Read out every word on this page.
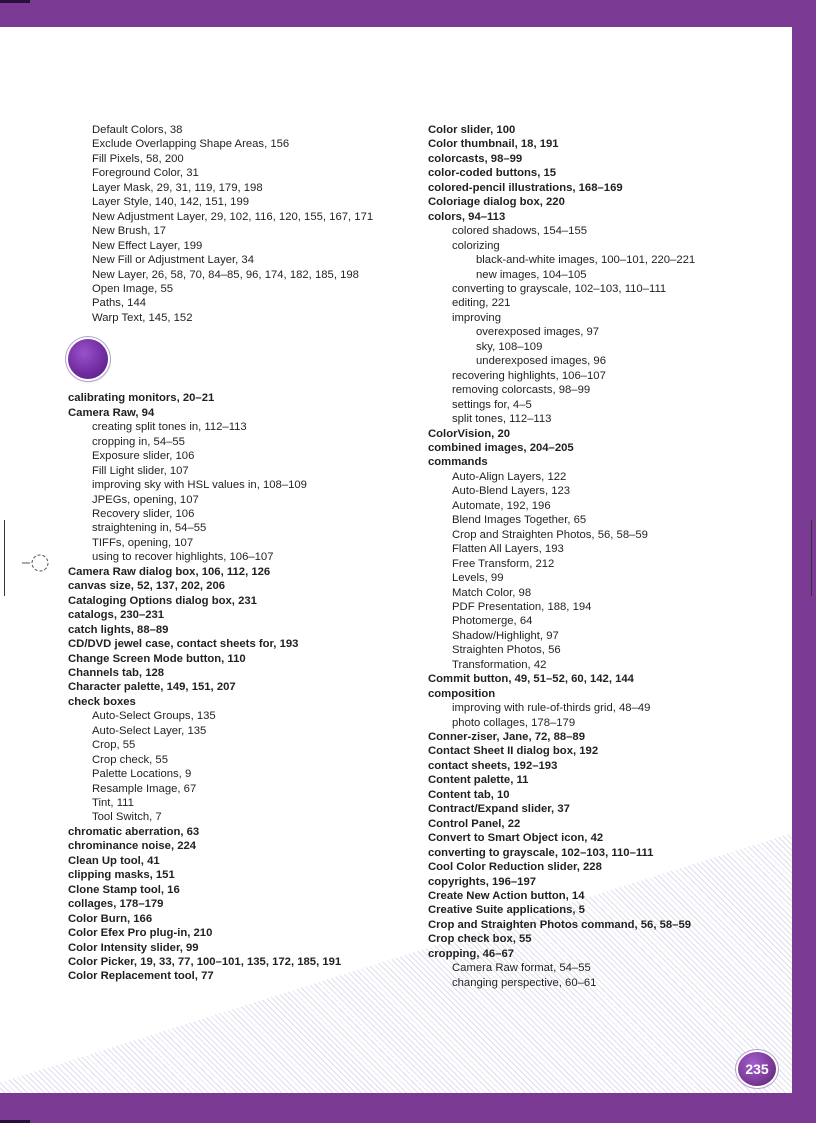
Default Colors, 38
Exclude Overlapping Shape Areas, 156
Fill Pixels, 58, 200
Foreground Color, 31
Layer Mask, 29, 31, 119, 179, 198
Layer Style, 140, 142, 151, 199
New Adjustment Layer, 29, 102, 116, 120, 155, 167, 171
New Brush, 17
New Effect Layer, 199
New Fill or Adjustment Layer, 34
New Layer, 26, 58, 70, 84–85, 96, 174, 182, 185, 198
Open Image, 55
Paths, 144
Warp Text, 145, 152
calibrating monitors, 20–21
Camera Raw, 94
creating split tones in, 112–113
cropping in, 54–55
Exposure slider, 106
Fill Light slider, 107
improving sky with HSL values in, 108–109
JPEGs, opening, 107
Recovery slider, 106
straightening in, 54–55
TIFFs, opening, 107
using to recover highlights, 106–107
Camera Raw dialog box, 106, 112, 126
canvas size, 52, 137, 202, 206
Cataloging Options dialog box, 231
catalogs, 230–231
catch lights, 88–89
CD/DVD jewel case, contact sheets for, 193
Change Screen Mode button, 110
Channels tab, 128
Character palette, 149, 151, 207
check boxes
Auto-Select Groups, 135
Auto-Select Layer, 135
Crop, 55
Crop check, 55
Palette Locations, 9
Resample Image, 67
Tint, 111
Tool Switch, 7
chromatic aberration, 63
chrominance noise, 224
Clean Up tool, 41
clipping masks, 151
Clone Stamp tool, 16
collages, 178–179
Color Burn, 166
Color Efex Pro plug-in, 210
Color Intensity slider, 99
Color Picker, 19, 33, 77, 100–101, 135, 172, 185, 191
Color Replacement tool, 77
Color slider, 100
Color thumbnail, 18, 191
colorcasts, 98–99
color-coded buttons, 15
colored-pencil illustrations, 168–169
Coloriage dialog box, 220
colors, 94–113
colored shadows, 154–155
colorizing
black-and-white images, 100–101, 220–221
new images, 104–105
converting to grayscale, 102–103, 110–111
editing, 221
improving
overexposed images, 97
sky, 108–109
underexposed images, 96
recovering highlights, 106–107
removing colorcasts, 98–99
settings for, 4–5
split tones, 112–113
ColorVision, 20
combined images, 204–205
commands
Auto-Align Layers, 122
Auto-Blend Layers, 123
Automate, 192, 196
Blend Images Together, 65
Crop and Straighten Photos, 56, 58–59
Flatten All Layers, 193
Free Transform, 212
Levels, 99
Match Color, 98
PDF Presentation, 188, 194
Photomerge, 64
Shadow/Highlight, 97
Straighten Photos, 56
Transformation, 42
Commit button, 49, 51–52, 60, 142, 144
composition
improving with rule-of-thirds grid, 48–49
photo collages, 178–179
Conner-ziser, Jane, 72, 88–89
Contact Sheet II dialog box, 192
contact sheets, 192–193
Content palette, 11
Content tab, 10
Contract/Expand slider, 37
Control Panel, 22
Convert to Smart Object icon, 42
converting to grayscale, 102–103, 110–111
Cool Color Reduction slider, 228
copyrights, 196–197
Create New Action button, 14
Creative Suite applications, 5
Crop and Straighten Photos command, 56, 58–59
Crop check box, 55
cropping, 46–67
Camera Raw format, 54–55
changing perspective, 60–61
235
